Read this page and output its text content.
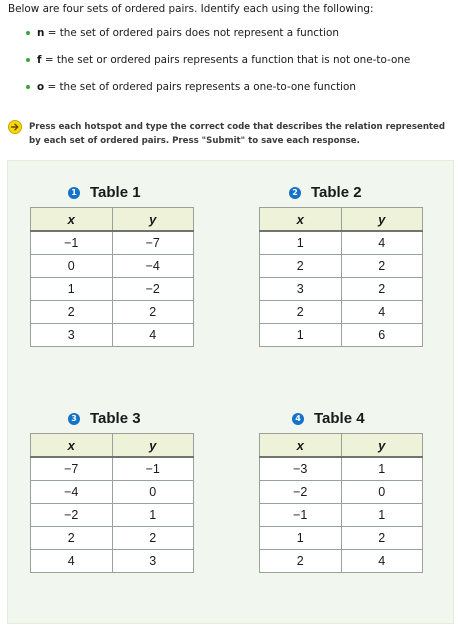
Below are four sets of ordered pairs. Identify each using the following:
n = the set of ordered pairs does not represent a function
f = the set or ordered pairs represents a function that is not one-to-one
o = the set of ordered pairs represents a one-to-one function
Press each hotspot and type the correct code that describes the relation represented by each set of ordered pairs. Press "Submit" to save each response.
1 Table 1
x	y
−1	−7
0	−4
1	−2
2	2
3	4
2 Table 2
x	y
1	4
2	2
3	2
2	4
1	6
3 Table 3
x	y
−7	−1
−4	0
−2	1
2	2
4	3
4 Table 4
x	y
−3	1
−2	0
−1	1
1	2
2	4
